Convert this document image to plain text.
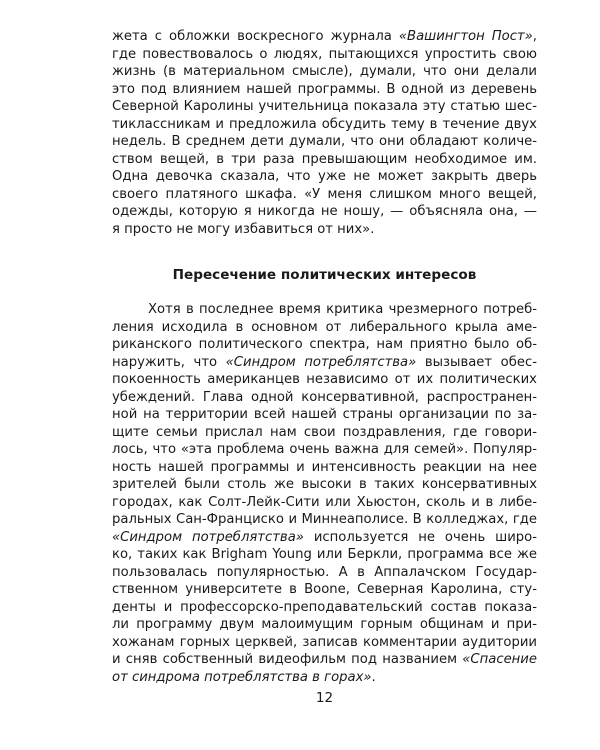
жета с обложки воскресного журнала «Вашингтон Пост»,
где повествовалось о людях, пытающихся упростить свою
жизнь (в материальном смысле), думали, что они делали
это под влиянием нашей программы. В одной из деревень
Северной Каролины учительница показала эту статью шес-
тиклассникам и предложила обсудить тему в течение двух
недель. В среднем дети думали, что они обладают количе-
ством вещей, в три раза превышающим необходимое им.
Одна девочка сказала, что уже не может закрыть дверь
своего платяного шкафа. «У меня слишком много вещей,
одежды, которую я никогда не ношу, — объясняла она, —
я просто не могу избавиться от них».
Пересечение политических интересов
Хотя в последнее время критика чрезмерного потреб-
ления исходила в основном от либерального крыла аме-
риканского политического спектра, нам приятно было об-
наружить, что «Синдром потреблятства» вызывает обес-
покоенность американцев независимо от их политических
убеждений. Глава одной консервативной, распространен-
ной на территории всей нашей страны организации по за-
щите семьи прислал нам свои поздравления, где говори-
лось, что «эта проблема очень важна для семей». Популяр-
ность нашей программы и интенсивность реакции на нее
зрителей были столь же высоки в таких консервативных
городах, как Солт-Лейк-Сити или Хьюстон, сколь и в либе-
ральных Сан-Франциско и Миннеаполисе. В колледжах, где
«Синдром потреблятства» используется не очень широ-
ко, таких как Brigham Young или Беркли, программа все же
пользовалась популярностью. А в Аппалачском Государ-
ственном университете в Boone, Северная Каролина, сту-
денты и профессорско-преподавательский состав показа-
ли программу двум малоимущим горным общинам и при-
хожанам горных церквей, записав комментарии аудитории
и сняв собственный видеофильм под названием «Спасение
от синдрома потреблятства в горах».
12
